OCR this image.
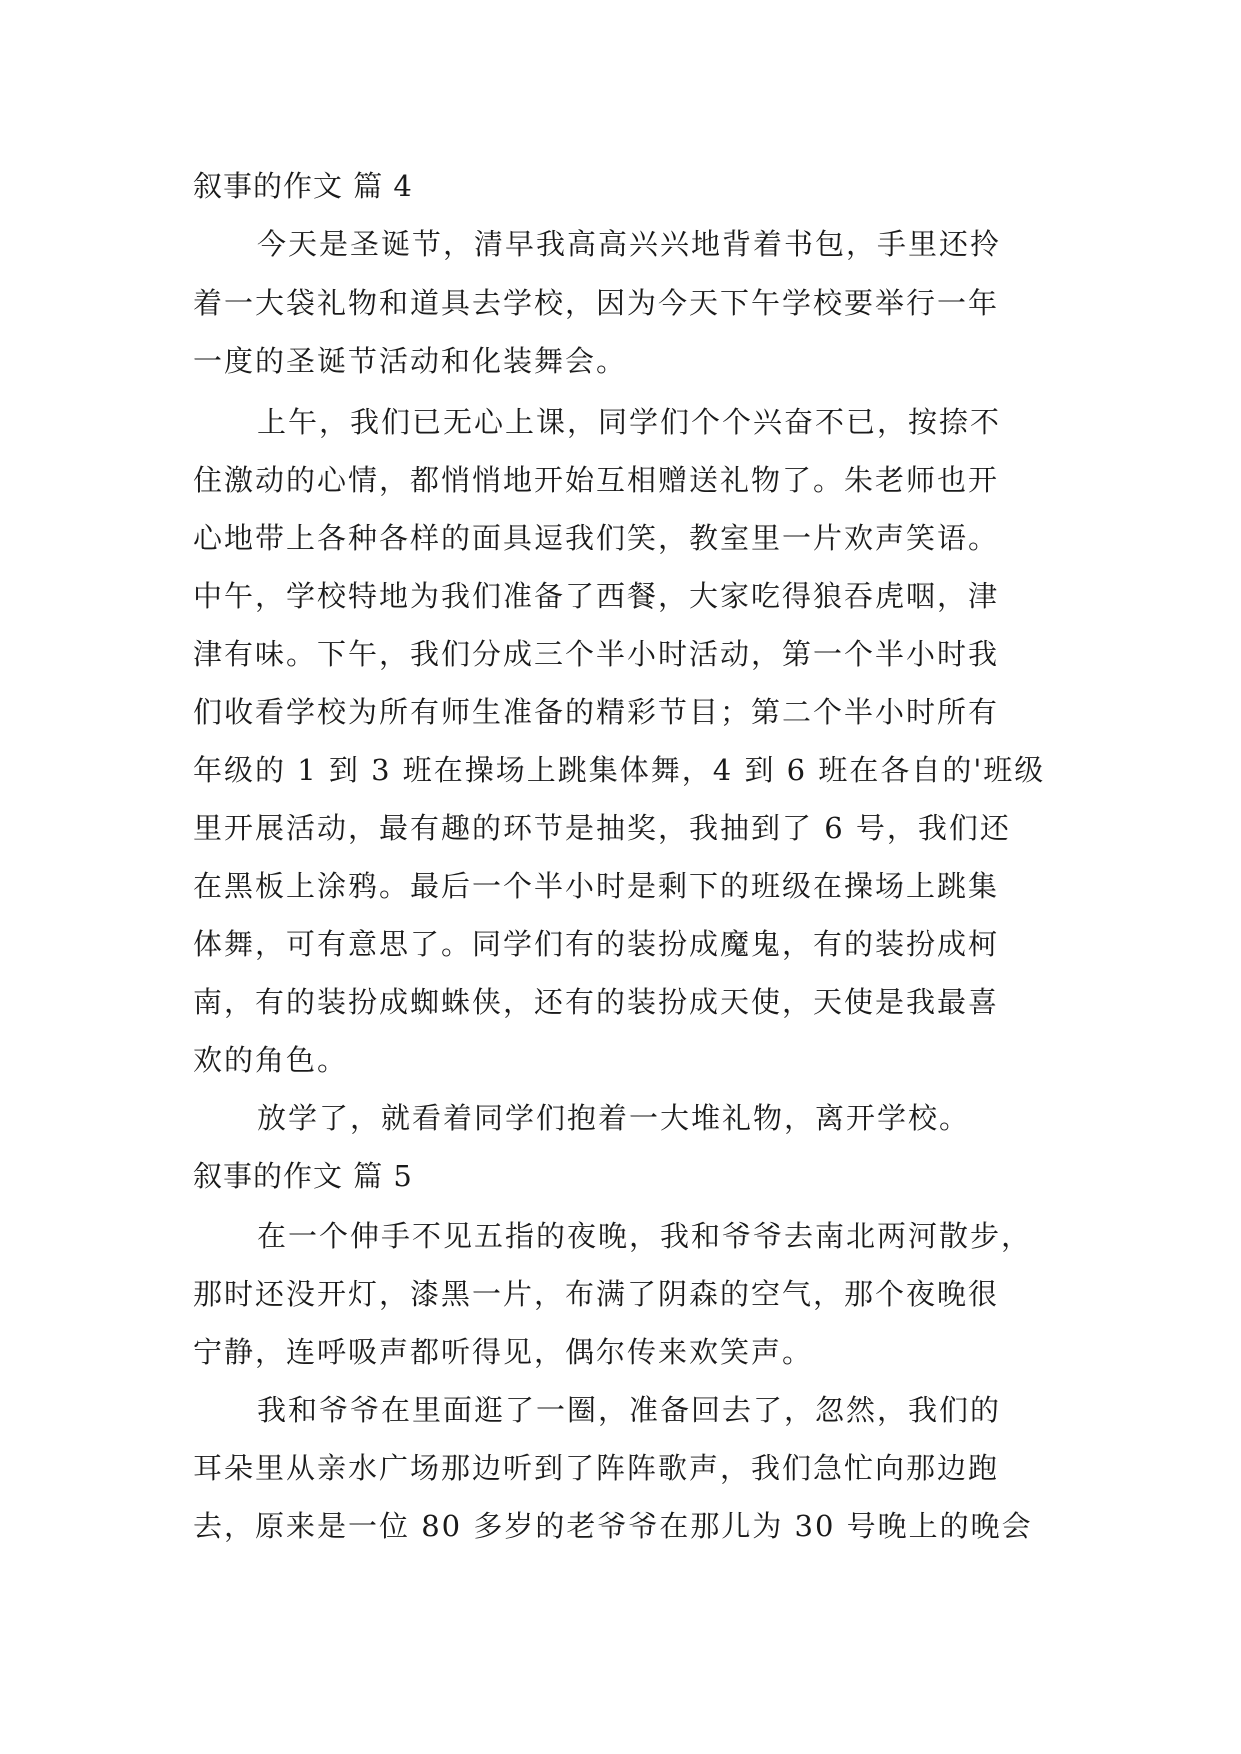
叙事的作文 篇 4
今天是圣诞节，清早我高高兴兴地背着书包，手里还拎
着一大袋礼物和道具去学校，因为今天下午学校要举行一年
一度的圣诞节活动和化装舞会。
上午，我们已无心上课，同学们个个兴奋不已，按捺不
住激动的心情，都悄悄地开始互相赠送礼物了。朱老师也开
心地带上各种各样的面具逗我们笑，教室里一片欢声笑语。
中午，学校特地为我们准备了西餐，大家吃得狼吞虎咽，津
津有味。下午，我们分成三个半小时活动，第一个半小时我
们收看学校为所有师生准备的精彩节目；第二个半小时所有
年级的 1 到 3 班在操场上跳集体舞，4 到 6 班在各自的'班级
里开展活动，最有趣的环节是抽奖，我抽到了 6 号，我们还
在黑板上涂鸦。最后一个半小时是剩下的班级在操场上跳集
体舞，可有意思了。同学们有的装扮成魔鬼，有的装扮成柯
南，有的装扮成蜘蛛侠，还有的装扮成天使，天使是我最喜
欢的角色。
放学了，就看着同学们抱着一大堆礼物，离开学校。
叙事的作文 篇 5
在一个伸手不见五指的夜晚，我和爷爷去南北两河散步，
那时还没开灯，漆黑一片，布满了阴森的空气，那个夜晚很
宁静，连呼吸声都听得见，偶尔传来欢笑声。
我和爷爷在里面逛了一圈，准备回去了，忽然，我们的
耳朵里从亲水广场那边听到了阵阵歌声，我们急忙向那边跑
去，原来是一位 80 多岁的老爷爷在那儿为 30 号晚上的晚会
